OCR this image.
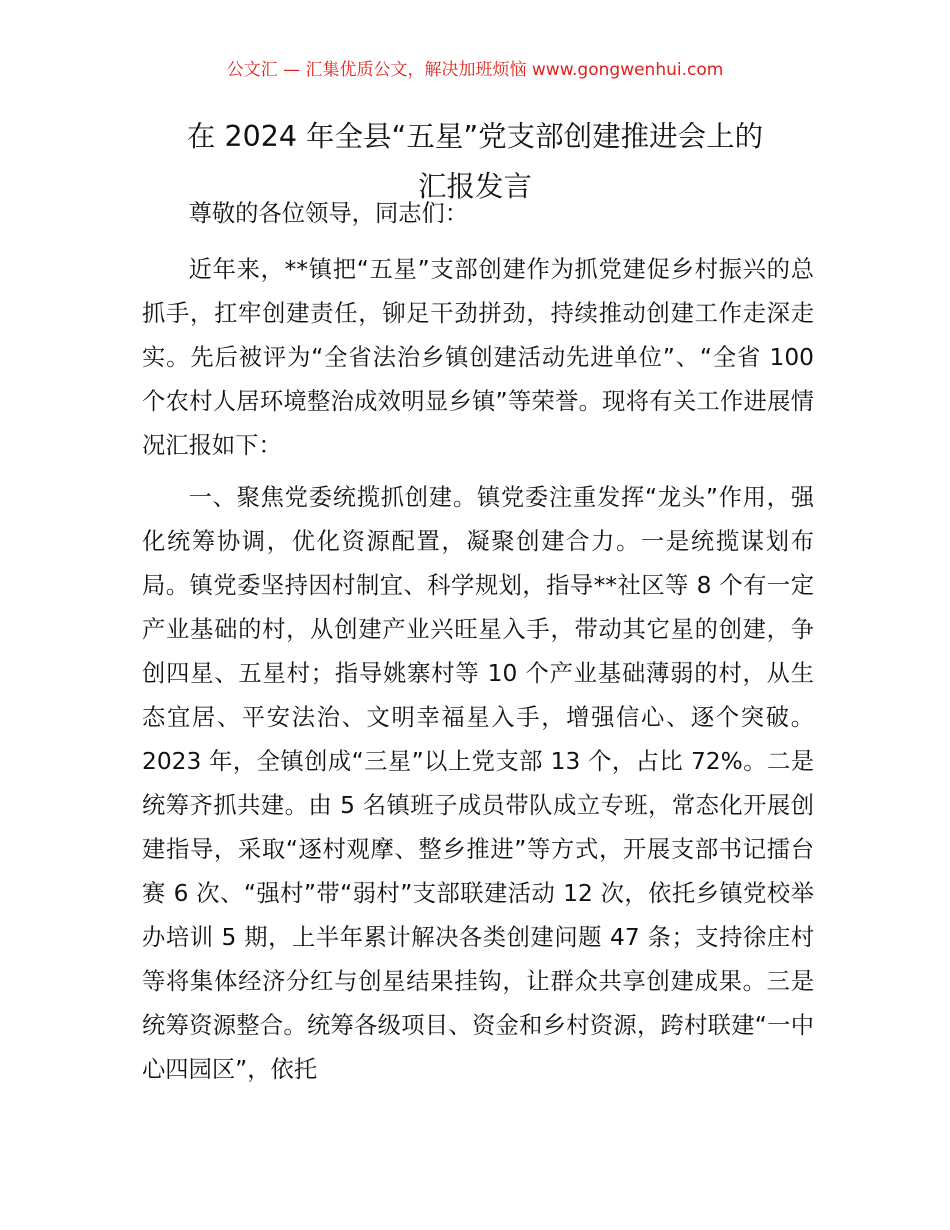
公文汇 — 汇集优质公文，解决加班烦恼 www.gongwenhui.com
在 2024 年全县“五星”党支部创建推进会上的
汇报发言

尊敬的各位领导，同志们：

近年来，**镇把“五星”支部创建作为抓党建促乡村振兴的总抓手，扛牢创建责任，铆足干劲拼劲，持续推动创建工作走深走实。先后被评为“全省法治乡镇创建活动先进单位”、“全省 100 个农村人居环境整治成效明显乡镇”等荣誉。现将有关工作进展情况汇报如下：

一、聚焦党委统揽抓创建。镇党委注重发挥“龙头”作用，强化统筹协调，优化资源配置，凝聚创建合力。一是统揽谋划布局。镇党委坚持因村制宜、科学规划，指导**社区等 8 个有一定产业基础的村，从创建产业兴旺星入手，带动其它星的创建，争创四星、五星村；指导姚寨村等 10 个产业基础薄弱的村，从生态宜居、平安法治、文明幸福星入手，增强信心、逐个突破。2023 年，全镇创成“三星”以上党支部 13 个，占比 72%。二是统筹齐抓共建。由 5 名镇班子成员带队成立专班，常态化开展创建指导，采取“逐村观摩、整乡推进”等方式，开展支部书记擂台赛 6 次、“强村”带“弱村”支部联建活动 12 次，依托乡镇党校举办培训 5 期，上半年累计解决各类创建问题 47 条；支持徐庄村等将集体经济分红与创星结果挂钩，让群众共享创建成果。三是统筹资源整合。统筹各级项目、资金和乡村资源，跨村联建“一中心四园区”，依托
